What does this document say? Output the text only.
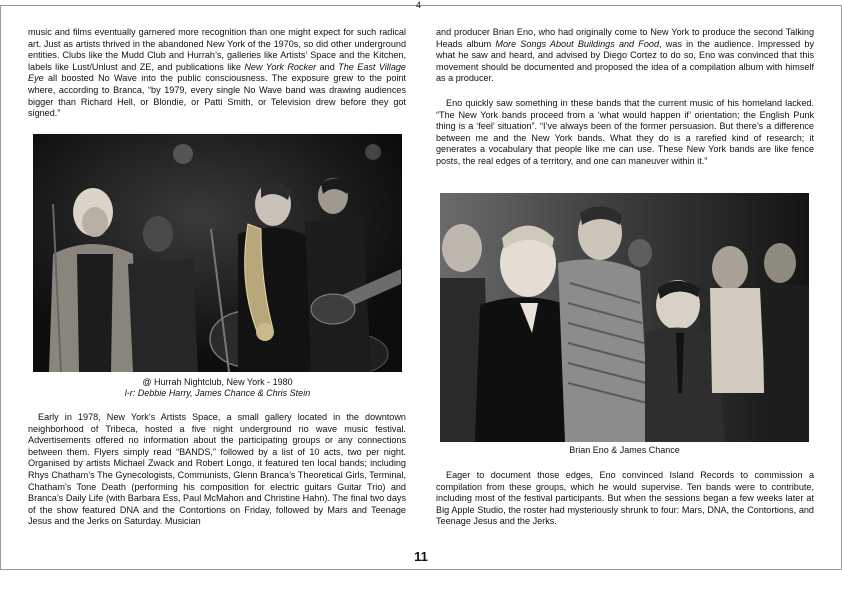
4

music and films eventually garnered more recognition than one might expect for such radical art. Just as artists thrived in the abandoned New York of the 1970s, so did other underground entities. Clubs like the Mudd Club and Hurrah’s, galleries like Artists’ Space and the Kitchen, labels like Lust/Unlust and ZE, and publications like New York Rocker and The East Village Eye all boosted No Wave into the public consciousness. The exposure grew to the point where, according to Branca, “by 1979, every single No Wave band was drawing audiences bigger than Richard Hell, or Blondie, or Patti Smith, or Television drew before they got signed.”

@ Hurrah Nightclub, New York - 1980
l-r: Debbie Harry, James Chance & Chris Stein

Early in 1978, New York’s Artists Space, a small gallery located in the downtown neighborhood of Tribeca, hosted a five night underground no wave music festival. Advertisements offered no information about the participating groups or any connections between them. Flyers simply read “BANDS,” followed by a list of 10 acts, two per night. Organised by artists Michael Zwack and Robert Longo, it featured ten local bands; including Rhys Chatham’s The Gynecologists, Communists, Glenn Branca’s Theoretical Girls, Terminal, Chatham’s Tone Death (performing his composition for electric guitars Guitar Trio) and Branca’s Daily Life (with Barbara Ess, Paul McMahon and Christine Hahn). The final two days of the show featured DNA and the Contortions on Friday, followed by Mars and Teenage Jesus and the Jerks on Saturday. Musician

and producer Brian Eno, who had originally come to New York to produce the second Talking Heads album More Songs About Buildings and Food, was in the audience. Impressed by what he saw and heard, and advised by Diego Cortez to do so, Eno was convinced that this movement should be documented and proposed the idea of a compilation album with himself as a producer.

Eno quickly saw something in these bands that the current music of his homeland lacked. “The New York bands proceed from a ‘what would happen if’ orientation; the English Punk thing is a ‘feel’ situation”. “I’ve always been of the former persuasion. But there’s a difference between me and the New York bands. What they do is a rarefied kind of research; it generates a vocabulary that people like me can use. These New York bands are like fence posts, the real edges of a territory, and one can maneuver within it.”

Brian Eno & James Chance

Eager to document those edges, Eno convinced Island Records to commission a compilation from these groups, which he would supervise. Ten bands were to contribute, including most of the festival participants. But when the sessions began a few weeks later at Big Apple Studio, the roster had mysteriously shrunk to four: Mars, DNA, the Contortions, and Teenage Jesus and the Jerks.

11
